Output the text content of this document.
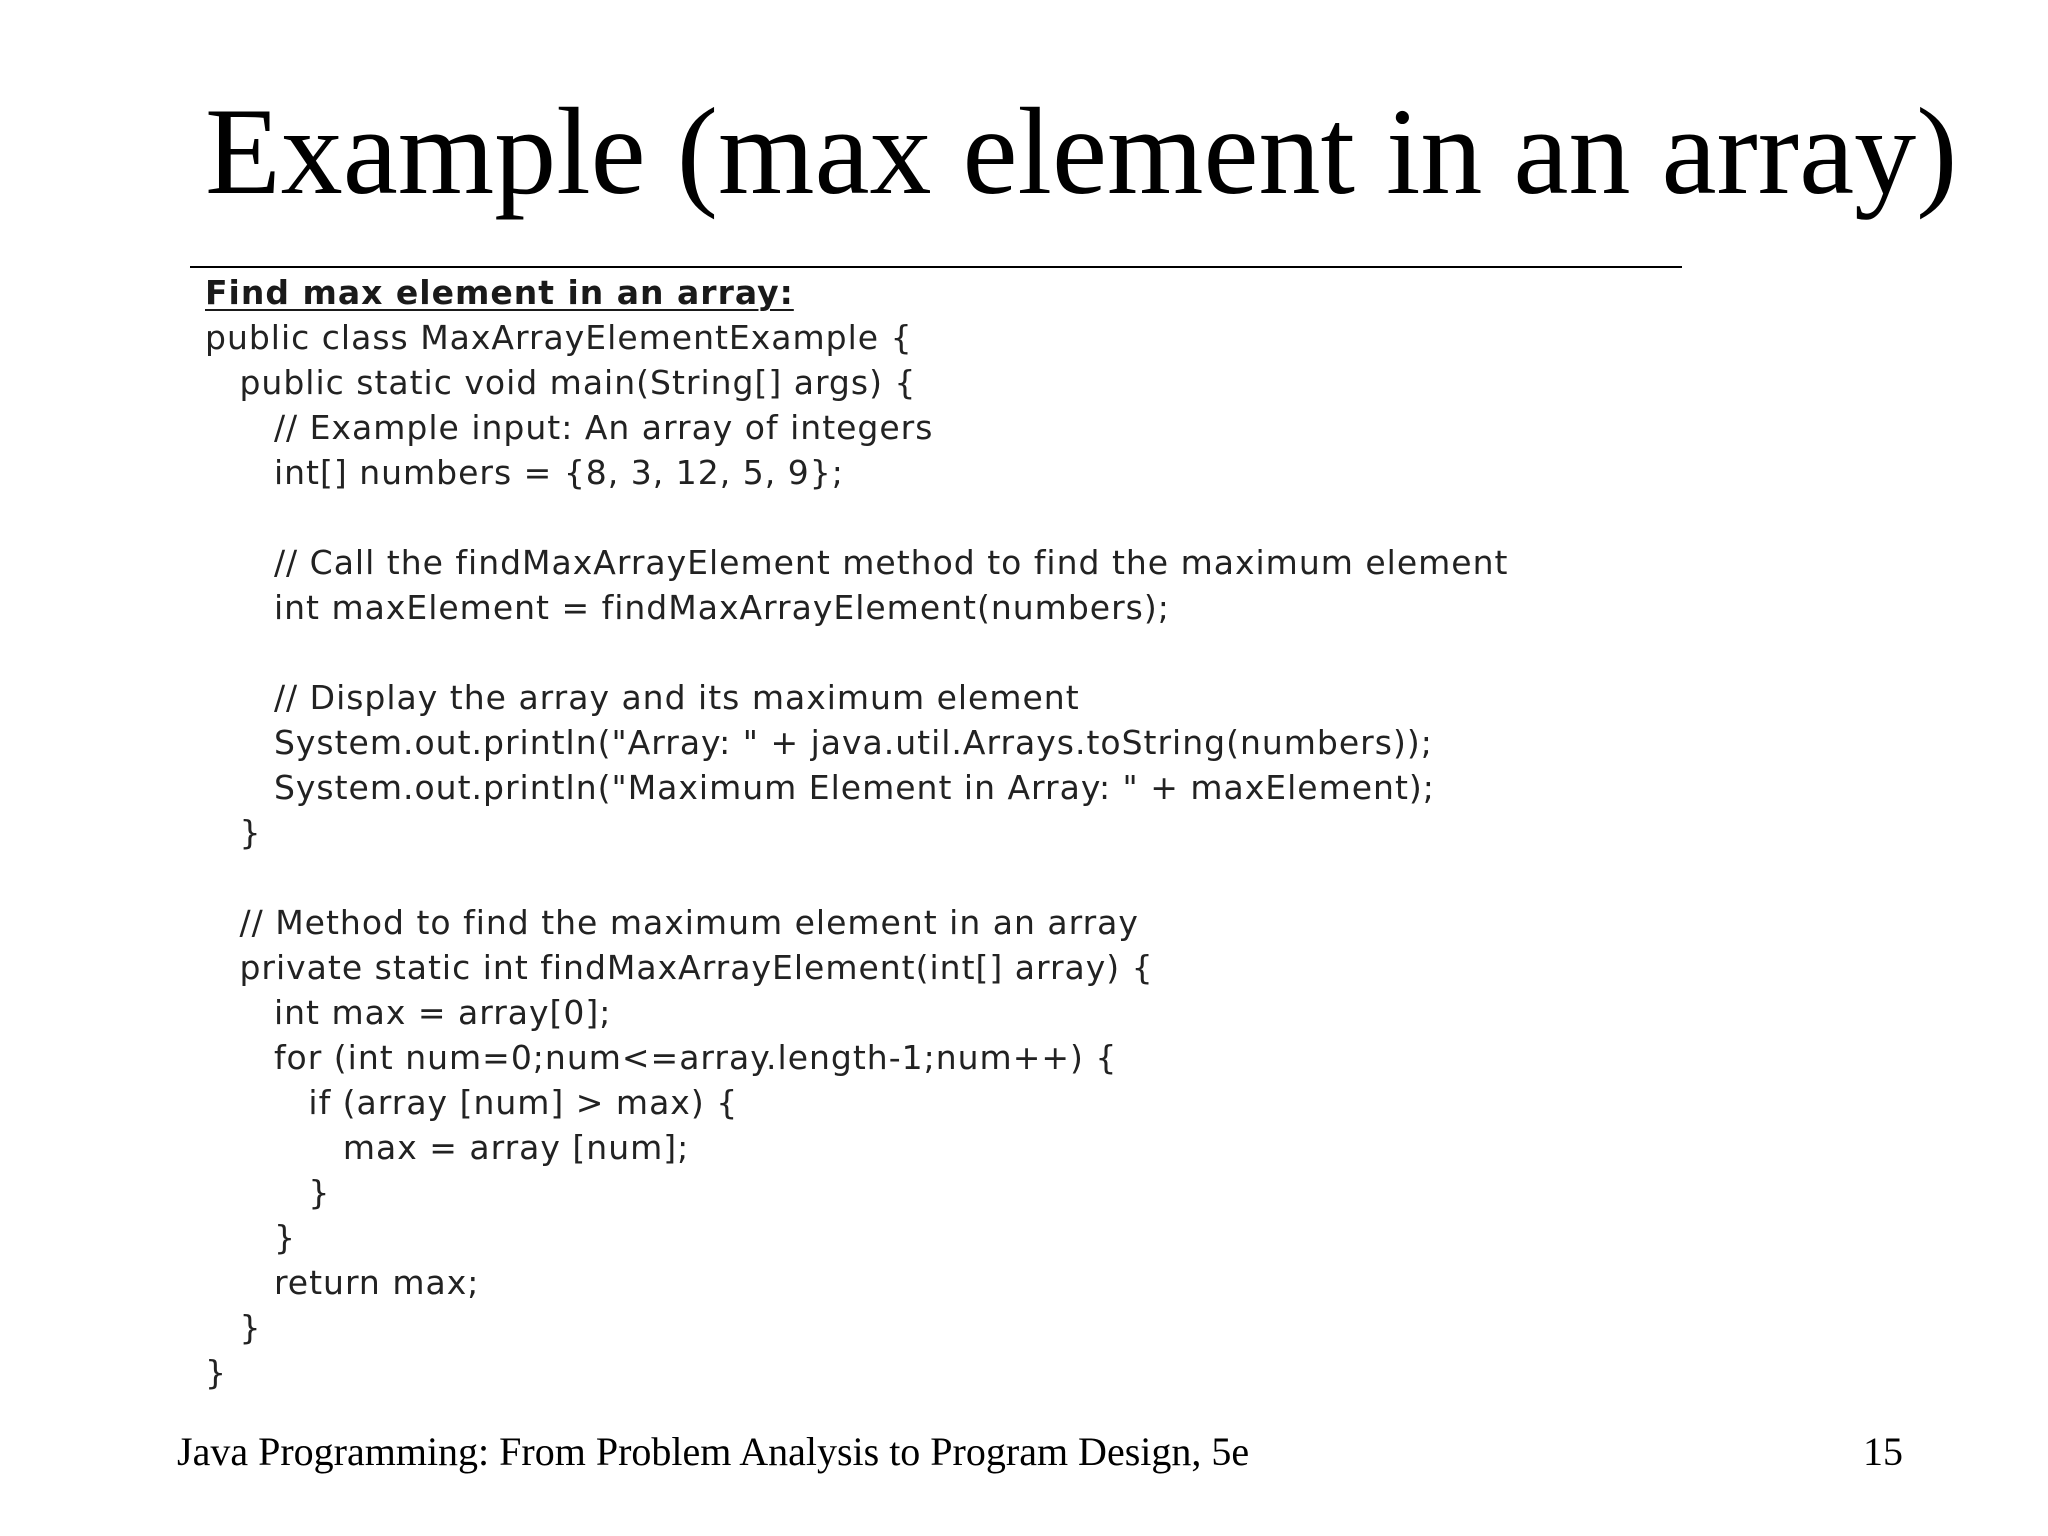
Example (max element in an array)
Find max element in an array:
public class MaxArrayElementExample {
public static void main(String[] args) {
// Example input: An array of integers
int[] numbers = {8, 3, 12, 5, 9};
// Call the findMaxArrayElement method to find the maximum element
int maxElement = findMaxArrayElement(numbers);
// Display the array and its maximum element
System.out.println("Array: " + java.util.Arrays.toString(numbers));
System.out.println("Maximum Element in Array: " + maxElement);
}
// Method to find the maximum element in an array
private static int findMaxArrayElement(int[] array) {
int max = array[0];
for (int num=0;num<=array.length-1;num++) {
if (array [num] > max) {
max = array [num];
}
}
return max;
}
}
Java Programming: From Problem Analysis to Program Design, 5e	15
